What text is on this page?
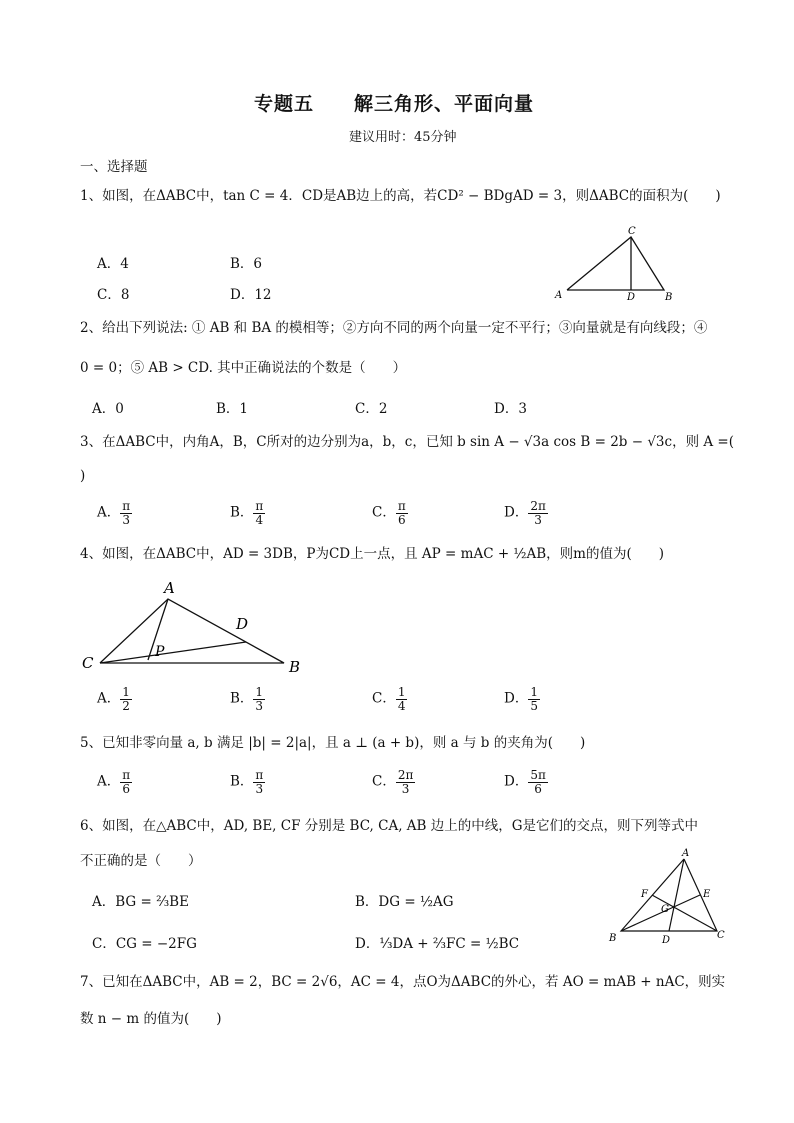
专题五　　解三角形、平面向量
建议用时：45分钟
一、选择题
1、如图，在ΔABC中，tan C = 4．CD是AB边上的高，若CD² − BDgAD = 3，则ΔABC的面积为(　　)
A．4	B．6
C．8	D．12
C
A	D	B
2、给出下列说法: ① AB 和 BA 的模相等；②方向不同的两个向量一定不平行；③向量就是有向线段；④
0 = 0；⑤ AB > CD. 其中正确说法的个数是（　　）
A．0	B．1	C．2	D．3
3、在ΔABC中，内角A，B，C所对的边分别为a，b，c，已知 b sin A − √3a cos B = 2b − √3c，则 A =(
)
A． $\frac{\pi}{3}$	B． $\frac{\pi}{4}$	C． $\frac{\pi}{6}$	D． $\frac{2\pi}{3}$
4、如图，在ΔABC中，AD = 3DB，P为CD上一点，且 AP = mAC + ½AB，则m的值为(　　)
A
D
P
C	B
A． $\frac{1}{2}$	B． $\frac{1}{3}$	C． $\frac{1}{4}$	D． $\frac{1}{5}$
5、已知非零向量 a, b 满足 |b| = 2|a|，且 a ⊥ (a + b)，则 a 与 b 的夹角为(　　)
A． $\frac{\pi}{6}$	B． $\frac{\pi}{3}$	C． $\frac{2\pi}{3}$	D． $\frac{5\pi}{6}$
6、如图，在△ABC中，AD, BE, CF 分别是 BC, CA, AB 边上的中线，G是它们的交点，则下列等式中
不正确的是（　　）
A．BG = ⅔BE	B．DG = ½AG
C．CG = −2FG	D．⅓DA + ⅔FC = ½BC
A
F	E
G
B	D	C
7、已知在ΔABC中，AB = 2，BC = 2√6，AC = 4，点O为ΔABC的外心，若 AO = mAB + nAC，则实
数 n − m 的值为(　　)
